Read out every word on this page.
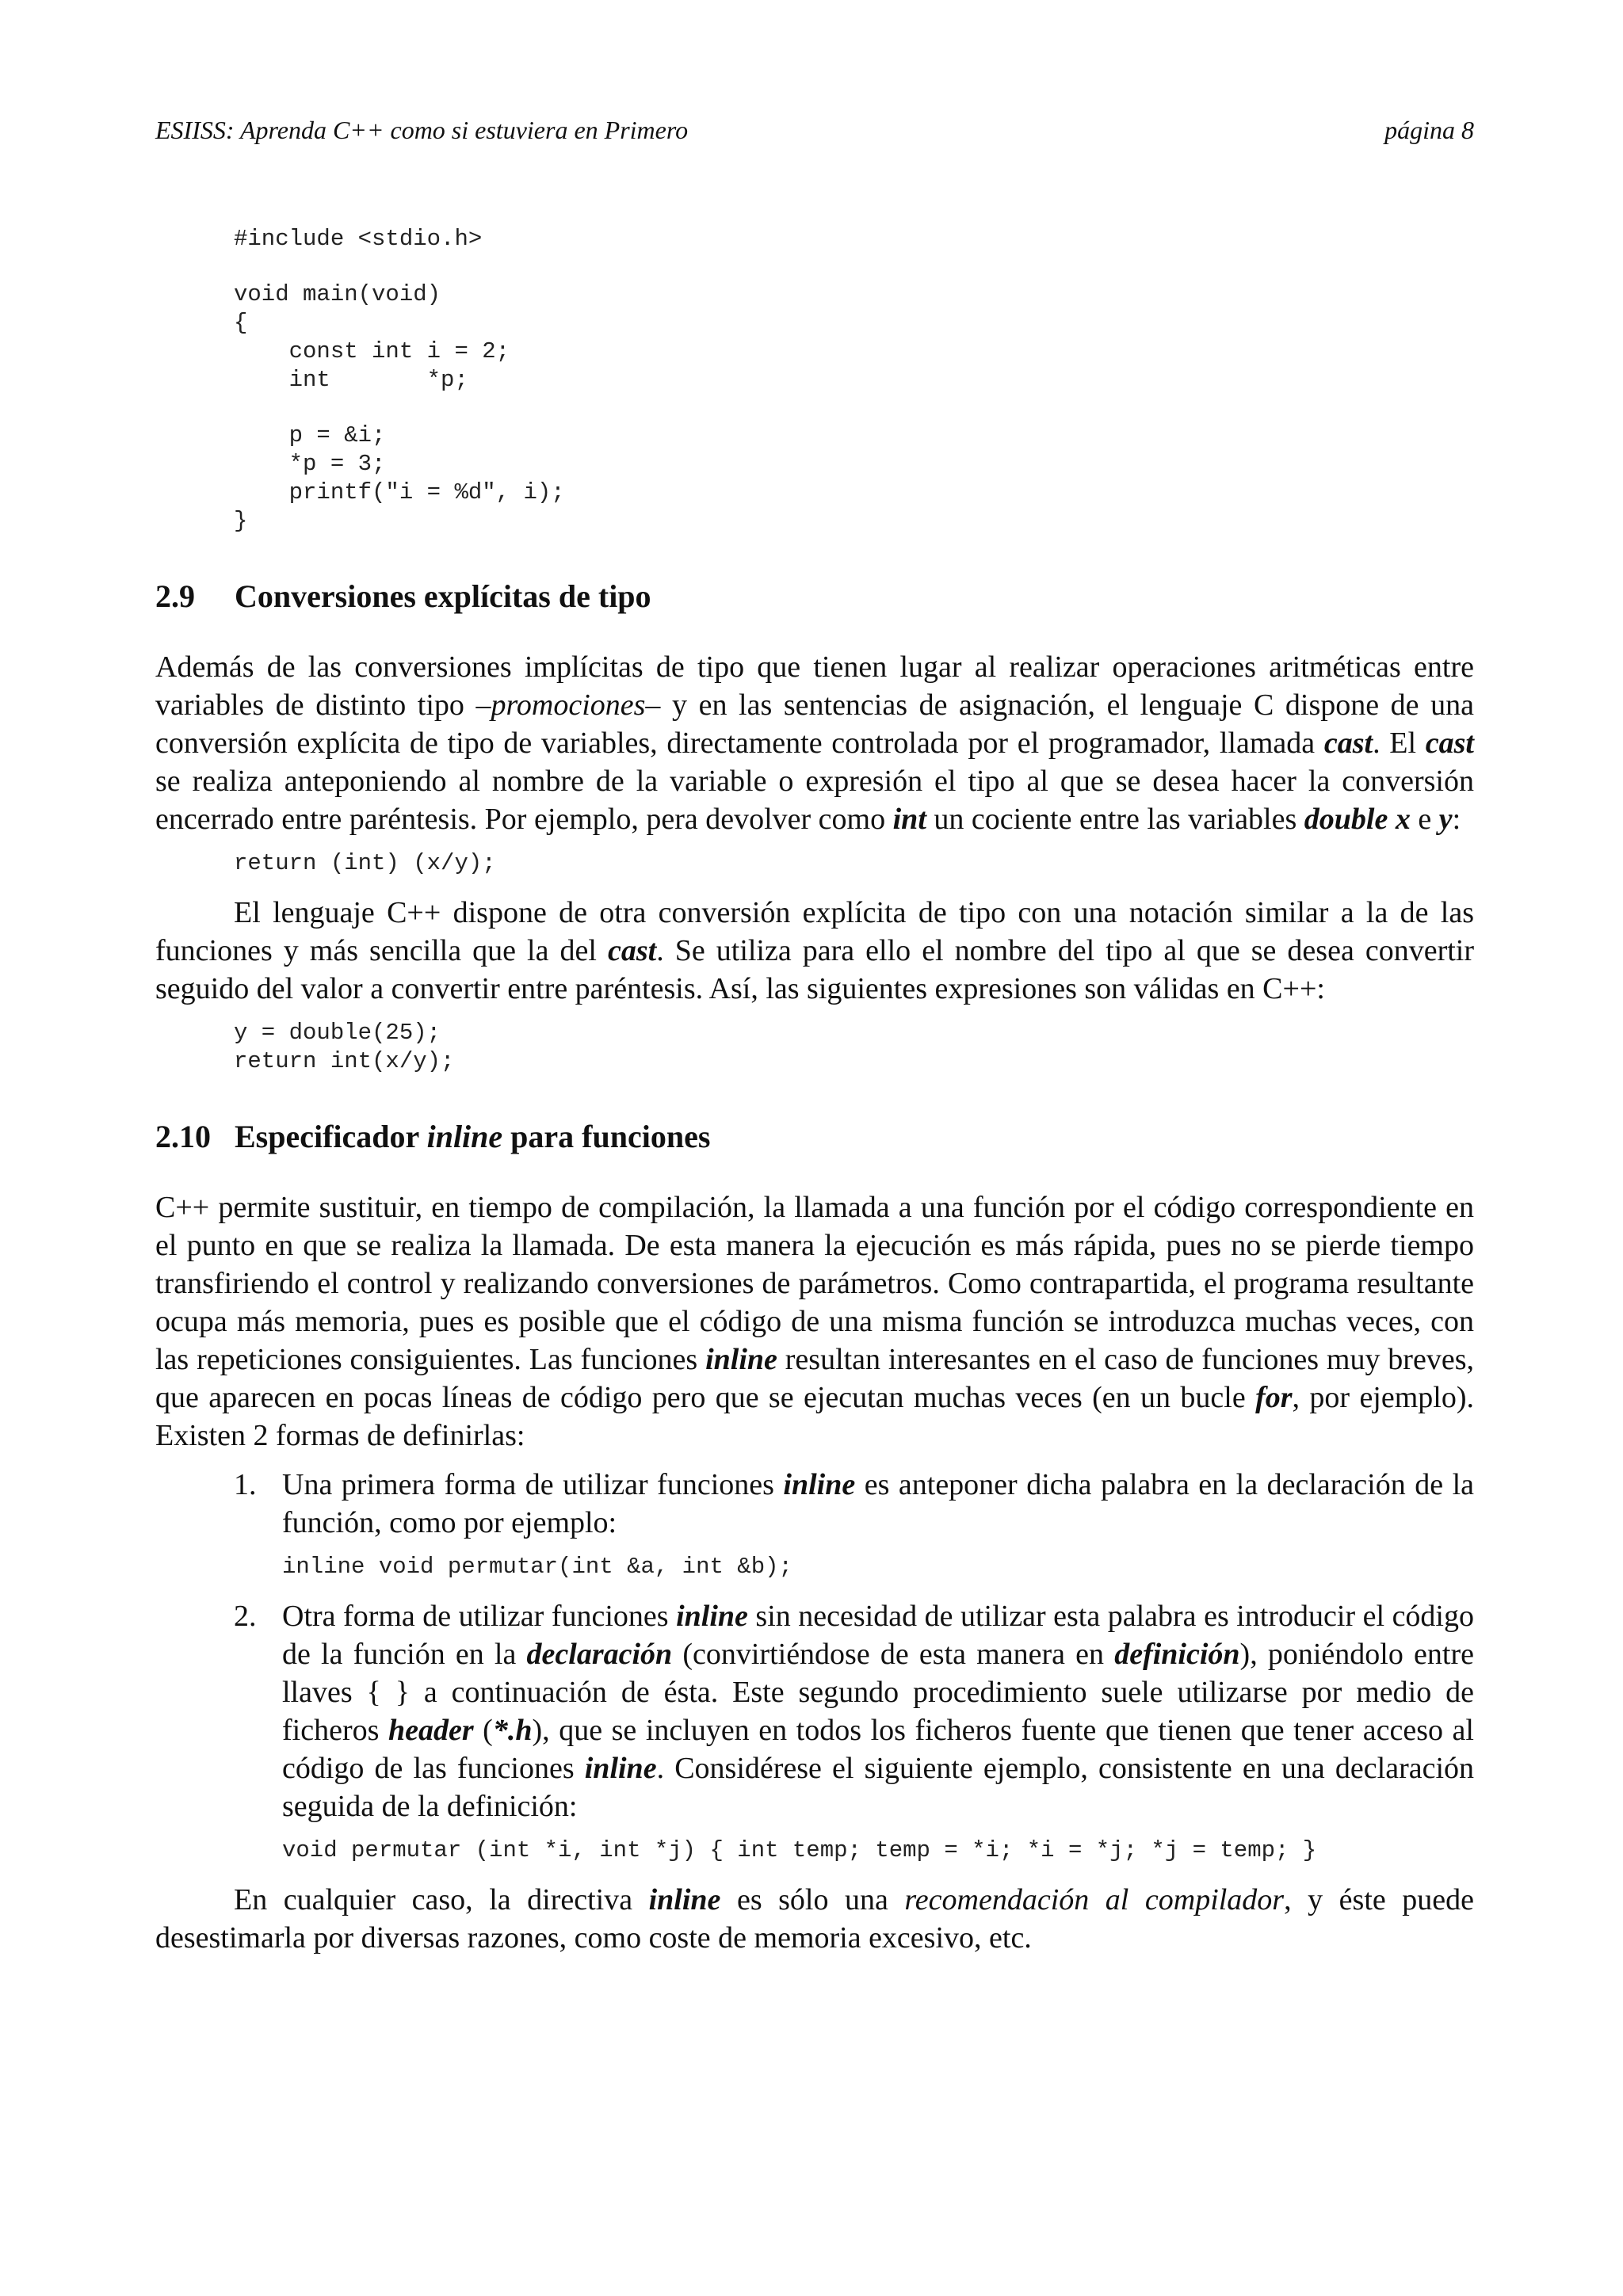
ESIISS: Aprenda C++ como si estuviera en Primero	página 8
#include <stdio.h>
void main(void)
{
const int i = 2;
int       *p;
p = &i;
*p = 3;
printf("i = %d", i);
}
2.9 Conversiones explícitas de tipo

Además de las conversiones implícitas de tipo que tienen lugar al realizar operaciones aritméticas entre variables de distinto tipo –promociones– y en las sentencias de asignación, el lenguaje C dispone de una conversión explícita de tipo de variables, directamente controlada por el programador, llamada cast. El cast se realiza anteponiendo al nombre de la variable o expresión el tipo al que se desea hacer la conversión encerrado entre paréntesis. Por ejemplo, pera devolver como int un cociente entre las variables double x e y:

return (int) (x/y);

El lenguaje C++ dispone de otra conversión explícita de tipo con una notación similar a la de las funciones y más sencilla que la del cast. Se utiliza para ello el nombre del tipo al que se desea convertir seguido del valor a convertir entre paréntesis. Así, las siguientes expresiones son válidas en C++:

y = double(25);
return int(x/y);
2.10 Especificador inline para funciones

C++ permite sustituir, en tiempo de compilación, la llamada a una función por el código correspondiente en el punto en que se realiza la llamada. De esta manera la ejecución es más rápida, pues no se pierde tiempo transfiriendo el control y realizando conversiones de parámetros. Como contrapartida, el programa resultante ocupa más memoria, pues es posible que el código de una misma función se introduzca muchas veces, con las repeticiones consiguientes. Las funciones inline resultan interesantes en el caso de funciones muy breves, que aparecen en pocas líneas de código pero que se ejecutan muchas veces (en un bucle for, por ejemplo). Existen 2 formas de definirlas:

1. Una primera forma de utilizar funciones inline es anteponer dicha palabra en la declaración de la función, como por ejemplo:

inline void permutar(int &a, int &b);
2. Otra forma de utilizar funciones inline sin necesidad de utilizar esta palabra es introducir el código de la función en la declaración (convirtiéndose de esta manera en definición), poniéndolo entre llaves { } a continuación de ésta. Este segundo procedimiento suele utilizarse por medio de ficheros header (*.h), que se incluyen en todos los ficheros fuente que tienen que tener acceso al código de las funciones inline. Considérese el siguiente ejemplo, consistente en una declaración seguida de la definición:

void permutar (int *i, int *j) { int temp; temp = *i; *i = *j; *j = temp; }

En cualquier caso, la directiva inline es sólo una recomendación al compilador, y éste puede desestimarla por diversas razones, como coste de memoria excesivo, etc.
